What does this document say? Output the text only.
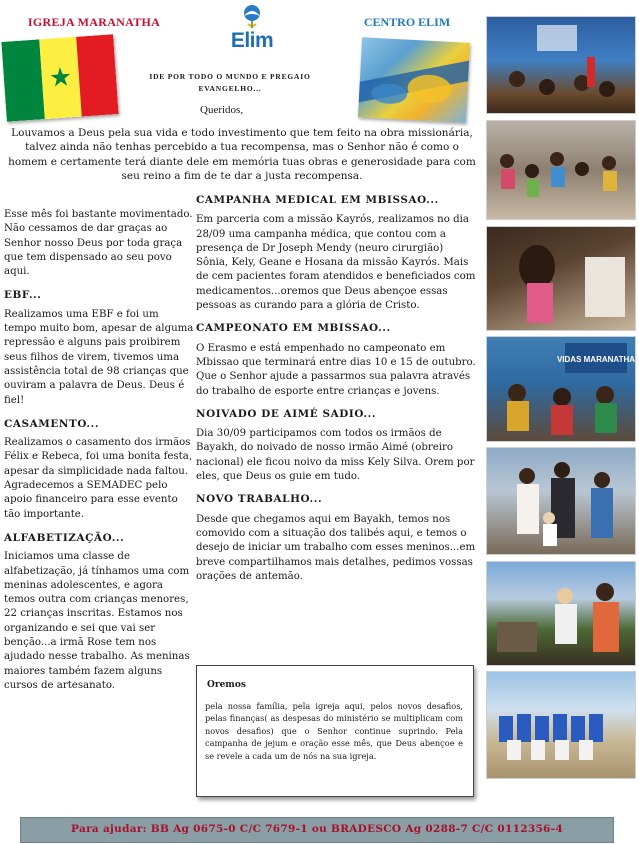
IGREJA MARANATHA	CENTRO ELIM
★
Elim
IDE POR TODO O MUNDO E PREGAIO EVANGELHO...
Queridos,
Louvamos a Deus pela sua vida e todo investimento que tem feito na obra missionária, talvez ainda não tenhas percebido a tua recompensa, mas o Senhor não é como o homem e certamente terá diante dele em memória tuas obras e generosidade para com seu reino a fim de te dar a justa recompensa.

Esse mês foi bastante movimentado. Não cessamos de dar graças ao Senhor nosso Deus por toda graça que tem dispensado ao seu povo aqui.

EBF...

Realizamos uma EBF e foi um tempo muito bom, apesar de alguma repressão e alguns pais proibirem seus filhos de virem, tivemos uma assistência total de 98 crianças que ouviram a palavra de Deus. Deus é fiel!

CASAMENTO...

Realizamos o casamento dos irmãos Félix e Rebeca, foi uma bonita festa, apesar da simplicidade nada faltou. Agradecemos a SEMADEC pelo apoio financeiro para esse evento tão importante.

ALFABETIZAÇÃO...

Iniciamos uma classe de alfabetização, já tínhamos uma com meninas adolescentes, e agora temos outra com crianças menores, 22 crianças inscritas. Estamos nos organizando e sei que vai ser benção...a irmã Rose tem nos ajudado nesse trabalho. As meninas maiores também fazem alguns cursos de artesanato.

CAMPANHA MEDICAL EM MBISSAO...

Em parceria com a missão Kayrós, realizamos no dia 28/09 uma campanha médica, que contou com a presença de Dr Joseph Mendy (neuro cirurgião) Sônia, Kely, Geane e Hosana da missão Kayrós. Mais de cem pacientes foram atendidos e beneficiados com medicamentos...oremos que Deus abençoe essas pessoas as curando para a glória de Cristo.

CAMPEONATO EM MBISSAO...

O Erasmo e está empenhado no campeonato em Mbissao que terminará entre dias 10 e 15 de outubro. Que o Senhor ajude a passarmos sua palavra através do trabalho de esporte entre crianças e jovens.

NOIVADO DE AIMÉ SADIO...

Dia 30/09 participamos com todos os irmãos de Bayakh, do noivado de nosso irmão Aimé (obreiro nacional) ele ficou noivo da miss Kely Silva. Orem por eles, que Deus os guie em tudo.

NOVO TRABALHO...

Desde que chegamos aqui em Bayakh, temos nos comovido com a situação dos talibés aqui, e temos o desejo de iniciar um trabalho com esses meninos...em breve compartilhamos mais detalhes, pedimos vossas orações de antemão.

Oremos
pela nossa família, pela igreja aqui, pelos novos desafios, pelas finanças( as despesas do ministério se multiplicam com novos desafios) que o Senhor continue suprindo. Pela campanha de jejum e oração esse mês, que Deus abençoe e se revele a cada um de nós na sua igreja.
VIDAS MARANATHA
Para ajudar: BB Ag 0675-0 C/C 7679-1 ou BRADESCO Ag 0288-7 C/C 0112356-4
